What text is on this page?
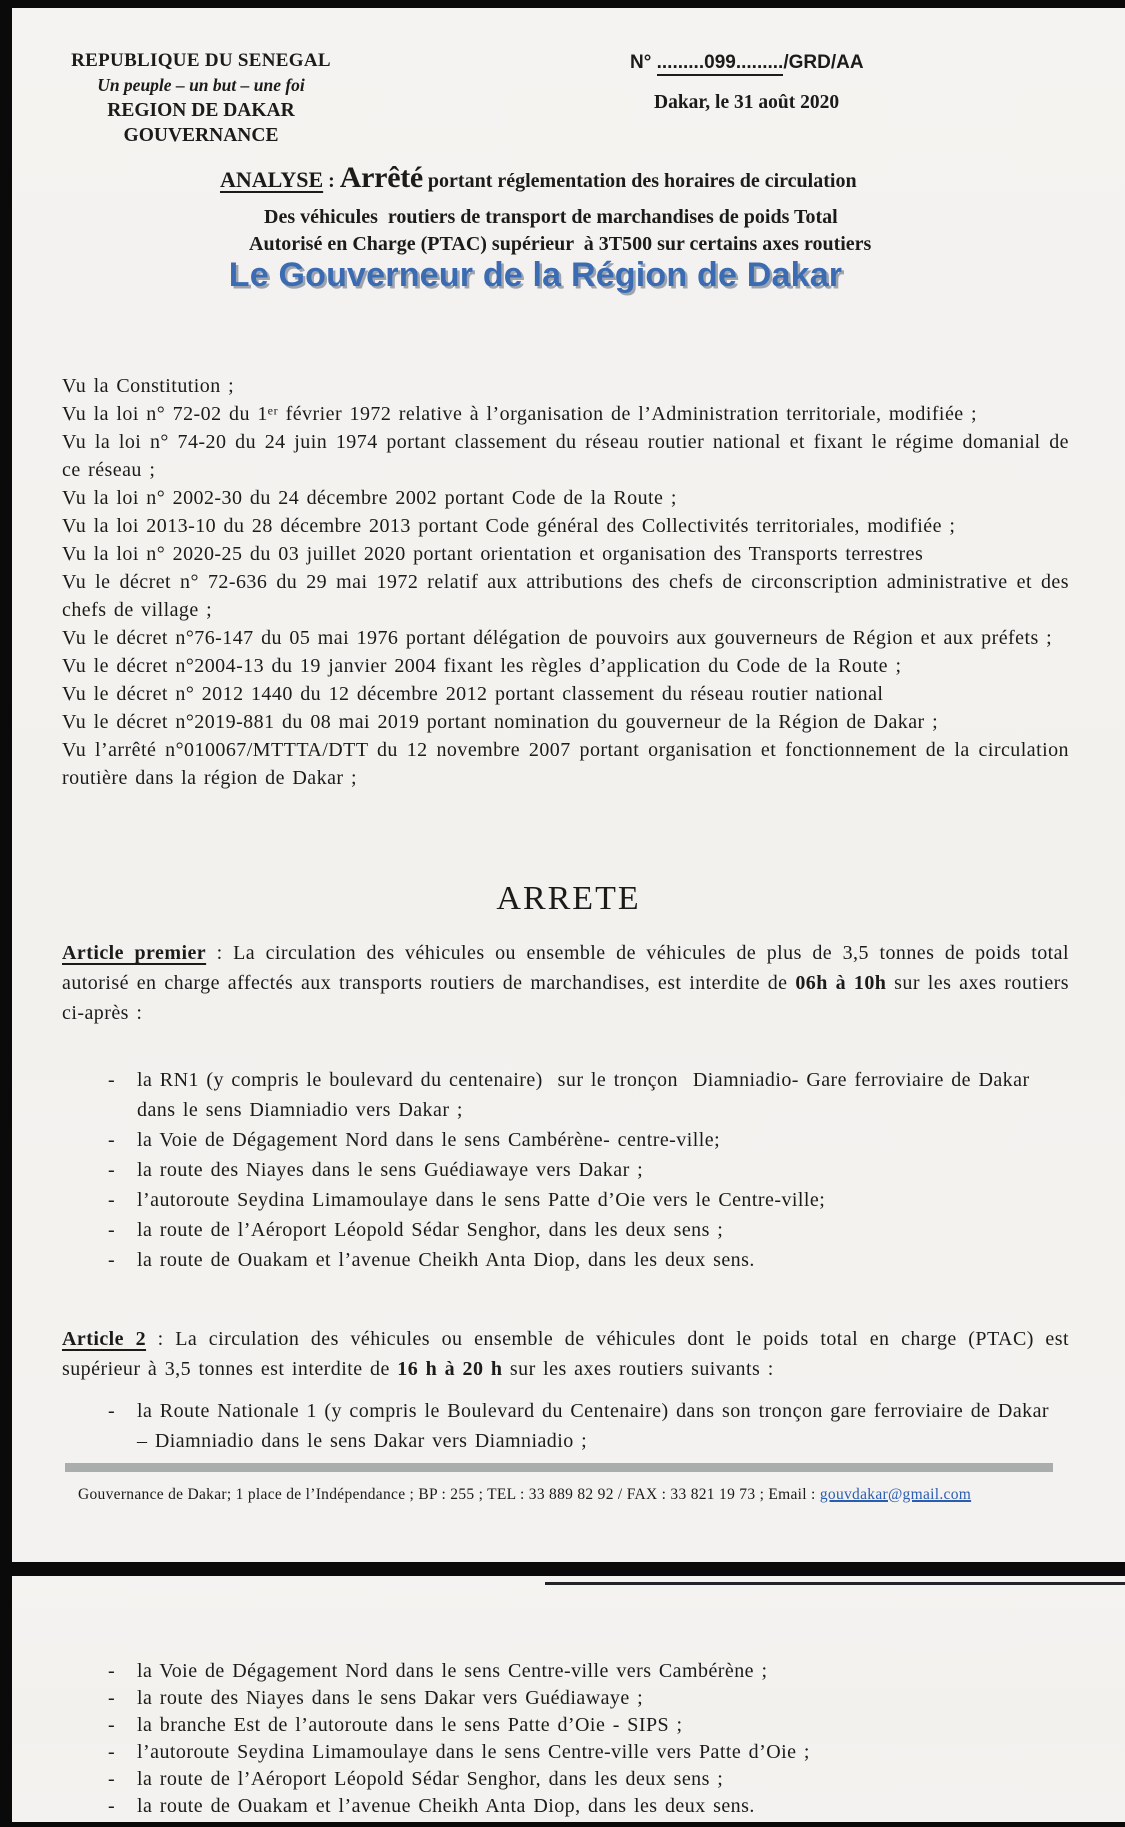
REPUBLIQUE DU SENEGAL
Un peuple – un but – une foi
REGION DE DAKAR
GOUVERNANCE
N° .........099........./GRD/AA
Dakar, le 31 août 2020
ANALYSE : Arrêté portant réglementation des horaires de circulation
Des véhicules  routiers de transport de marchandises de poids Total
Autorisé en Charge (PTAC) supérieur  à 3T500 sur certains axes routiers
Le Gouverneur de la Région de Dakar
Vu la Constitution ;
Vu la loi n° 72-02 du 1ᵉʳ février 1972 relative à l’organisation de l’Administration territoriale, modifiée ;
Vu la loi n° 74-20 du 24 juin 1974 portant classement du réseau routier national et fixant le régime domanial de ce réseau ;
Vu la loi n° 2002-30 du 24 décembre 2002 portant Code de la Route ;
Vu la loi 2013-10 du 28 décembre 2013 portant Code général des Collectivités territoriales, modifiée ;
Vu la loi n° 2020-25 du 03 juillet 2020 portant orientation et organisation des Transports terrestres
Vu le décret n° 72-636 du 29 mai 1972 relatif aux attributions des chefs de circonscription administrative et des chefs de village ;
Vu le décret n°76-147 du 05 mai 1976 portant délégation de pouvoirs aux gouverneurs de Région et aux préfets ;
Vu le décret n°2004-13 du 19 janvier 2004 fixant les règles d’application du Code de la Route ;
Vu le décret n° 2012 1440 du 12 décembre 2012 portant classement du réseau routier national
Vu le décret n°2019-881 du 08 mai 2019 portant nomination du gouverneur de la Région de Dakar ;
Vu l’arrêté n°010067/MTTTA/DTT du 12 novembre 2007 portant organisation et fonctionnement de la circulation routière dans la région de Dakar ;
ARRETE
Article premier : La circulation des véhicules ou ensemble de véhicules de plus de 3,5 tonnes de poids total autorisé en charge affectés aux transports routiers de marchandises, est interdite de 06h à 10h sur les axes routiers ci-après :
-	la RN1 (y compris le boulevard du centenaire)  sur le tronçon  Diamniadio- Gare ferroviaire de Dakar dans le sens Diamniadio vers Dakar ;
-	la Voie de Dégagement Nord dans le sens Cambérène- centre-ville;
-	la route des Niayes dans le sens Guédiawaye vers Dakar ;
-	l’autoroute Seydina Limamoulaye dans le sens Patte d’Oie vers le Centre-ville;
-	la route de l’Aéroport Léopold Sédar Senghor, dans les deux sens ;
-	la route de Ouakam et l’avenue Cheikh Anta Diop, dans les deux sens.
Article 2 : La circulation des véhicules ou ensemble de véhicules dont le poids total en charge (PTAC) est supérieur à 3,5 tonnes est interdite de 16 h à 20 h sur les axes routiers suivants :
-	la Route Nationale 1 (y compris le Boulevard du Centenaire) dans son tronçon gare ferroviaire de Dakar – Diamniadio dans le sens Dakar vers Diamniadio ;
Gouvernance de Dakar; 1 place de l’Indépendance ; BP : 255 ; TEL : 33 889 82 92 / FAX : 33 821 19 73 ; Email : gouvdakar@gmail.com
-	la Voie de Dégagement Nord dans le sens Centre-ville vers Cambérène ;
-	la route des Niayes dans le sens Dakar vers Guédiawaye ;
-	la branche Est de l’autoroute dans le sens Patte d’Oie - SIPS ;
-	l’autoroute Seydina Limamoulaye dans le sens Centre-ville vers Patte d’Oie ;
-	la route de l’Aéroport Léopold Sédar Senghor, dans les deux sens ;
-	la route de Ouakam et l’avenue Cheikh Anta Diop, dans les deux sens.
